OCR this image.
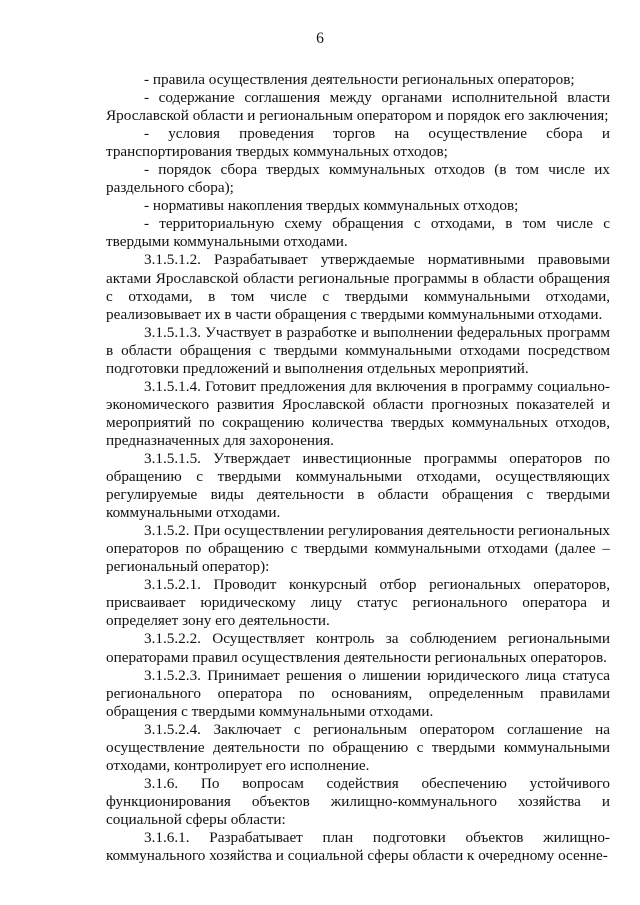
6

- правила осуществления деятельности региональных операторов;

- содержание соглашения между органами исполнительной власти Ярославской области и региональным оператором и порядок его заключения;

- условия проведения торгов на осуществление сбора и транспортирования твердых коммунальных отходов;

- порядок сбора твердых коммунальных отходов (в том числе их раздельного сбора);

- нормативы накопления твердых коммунальных отходов;

- территориальную схему обращения с отходами, в том числе с твердыми коммунальными отходами.

3.1.5.1.2. Разрабатывает утверждаемые нормативными правовыми актами Ярославской области региональные программы в области обращения с отходами, в том числе с твердыми коммунальными отходами, реализовывает их в части обращения с твердыми коммунальными отходами.

3.1.5.1.3. Участвует в разработке и выполнении федеральных программ в области обращения с твердыми коммунальными отходами посредством подготовки предложений и выполнения отдельных мероприятий.

3.1.5.1.4. Готовит предложения для включения в программу социально-экономического развития Ярославской области прогнозных показателей и мероприятий по сокращению количества твердых коммунальных отходов, предназначенных для захоронения.

3.1.5.1.5. Утверждает инвестиционные программы операторов по обращению с твердыми коммунальными отходами, осуществляющих регулируемые виды деятельности в области обращения с твердыми коммунальными отходами.

3.1.5.2. При осуществлении регулирования деятельности региональных операторов по обращению с твердыми коммунальными отходами (далее – региональный оператор):

3.1.5.2.1. Проводит конкурсный отбор региональных операторов, присваивает юридическому лицу статус регионального оператора и определяет зону его деятельности.

3.1.5.2.2. Осуществляет контроль за соблюдением региональными операторами правил осуществления деятельности региональных операторов.

3.1.5.2.3. Принимает решения о лишении юридического лица статуса регионального оператора по основаниям, определенным правилами обращения с твердыми коммунальными отходами.

3.1.5.2.4. Заключает с региональным оператором соглашение на осуществление деятельности по обращению с твердыми коммунальными отходами, контролирует его исполнение.

3.1.6. По вопросам содействия обеспечению устойчивого функционирования объектов жилищно-коммунального хозяйства и социальной сферы области:

3.1.6.1. Разрабатывает план подготовки объектов жилищно-коммунального хозяйства и социальной сферы области к очередному осенне-
